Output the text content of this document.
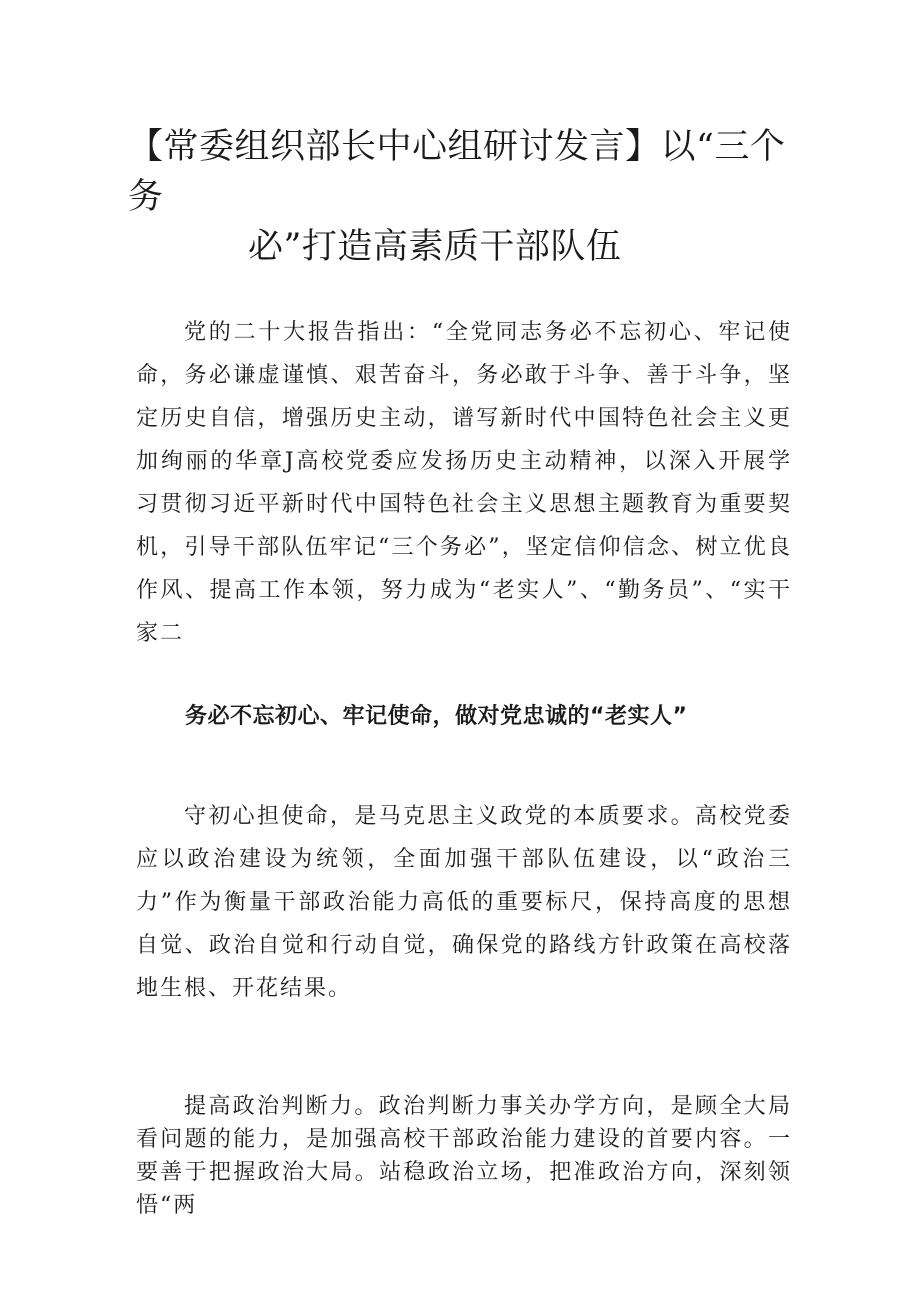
【常委组织部长中心组研讨发言】以“三个务
必”打造高素质干部队伍

党的二十大报告指出：“全党同志务必不忘初心、牢记使命，务必谦虚谨慎、艰苦奋斗，务必敢于斗争、善于斗争，坚定历史自信，增强历史主动，谱写新时代中国特色社会主义更加绚丽的华章J高校党委应发扬历史主动精神，以深入开展学习贯彻习近平新时代中国特色社会主义思想主题教育为重要契机，引导干部队伍牢记“三个务必”，坚定信仰信念、树立优良作风、提高工作本领，努力成为“老实人”、“勤务员”、“实干家二

务必不忘初心、牢记使命，做对党忠诚的“老实人”

守初心担使命，是马克思主义政党的本质要求。高校党委应以政治建设为统领，全面加强干部队伍建设，以“政治三力”作为衡量干部政治能力高低的重要标尺，保持高度的思想自觉、政治自觉和行动自觉，确保党的路线方针政策在高校落地生根、开花结果。

提高政治判断力。政治判断力事关办学方向，是顾全大局看问题的能力，是加强高校干部政治能力建设的首要内容。一要善于把握政治大局。站稳政治立场，把准政治方向，深刻领悟“两
